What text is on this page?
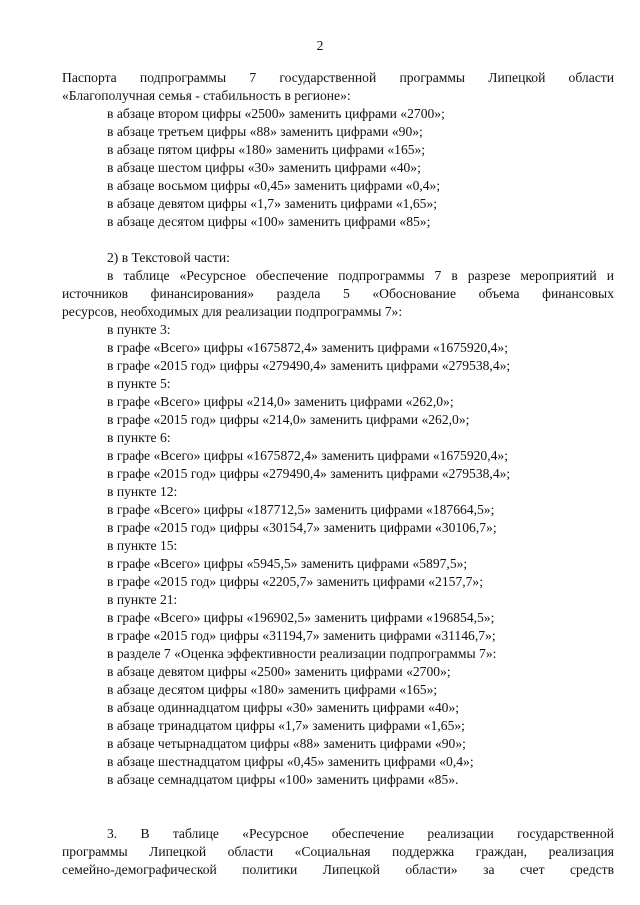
2
Паспорта подпрограммы 7 государственной программы Липецкой области
«Благополучная семья - стабильность в регионе»:
в абзаце втором цифры «2500» заменить цифрами «2700»;
в абзаце третьем цифры «88» заменить цифрами «90»;
в абзаце пятом цифры «180» заменить цифрами «165»;
в абзаце шестом цифры «30» заменить цифрами «40»;
в абзаце восьмом цифры «0,45» заменить цифрами «0,4»;
в абзаце девятом цифры «1,7» заменить цифрами «1,65»;
в абзаце десятом цифры «100» заменить цифрами «85»;
2) в Текстовой части:
в таблице «Ресурсное обеспечение подпрограммы 7 в разрезе мероприятий и
источников финансирования» раздела 5 «Обоснование объема финансовых
ресурсов, необходимых для реализации подпрограммы 7»:
в пункте 3:
в графе «Всего» цифры «1675872,4» заменить цифрами «1675920,4»;
в графе «2015 год» цифры «279490,4» заменить цифрами «279538,4»;
в пункте 5:
в графе «Всего» цифры «214,0» заменить цифрами «262,0»;
в графе «2015 год» цифры «214,0» заменить цифрами «262,0»;
в пункте 6:
в графе «Всего» цифры «1675872,4» заменить цифрами «1675920,4»;
в графе «2015 год» цифры «279490,4» заменить цифрами «279538,4»;
в пункте 12:
в графе «Всего» цифры «187712,5» заменить цифрами «187664,5»;
в графе «2015 год» цифры «30154,7» заменить цифрами «30106,7»;
в пункте 15:
в графе «Всего» цифры «5945,5» заменить цифрами «5897,5»;
в графе «2015 год» цифры «2205,7» заменить цифрами «2157,7»;
в пункте 21:
в графе «Всего» цифры «196902,5» заменить цифрами «196854,5»;
в графе «2015 год» цифры «31194,7» заменить цифрами «31146,7»;
в разделе 7 «Оценка эффективности реализации подпрограммы 7»:
в абзаце девятом цифры «2500» заменить цифрами «2700»;
в абзаце десятом цифры «180» заменить цифрами «165»;
в абзаце одиннадцатом цифры «30» заменить цифрами «40»;
в абзаце тринадцатом цифры «1,7» заменить цифрами «1,65»;
в абзаце четырнадцатом цифры «88» заменить цифрами «90»;
в абзаце шестнадцатом цифры «0,45» заменить цифрами «0,4»;
в абзаце семнадцатом цифры «100» заменить цифрами «85».
3. В таблице «Ресурсное обеспечение реализации государственной
программы Липецкой области «Социальная поддержка граждан, реализация
семейно-демографической политики Липецкой области» за счет средств
